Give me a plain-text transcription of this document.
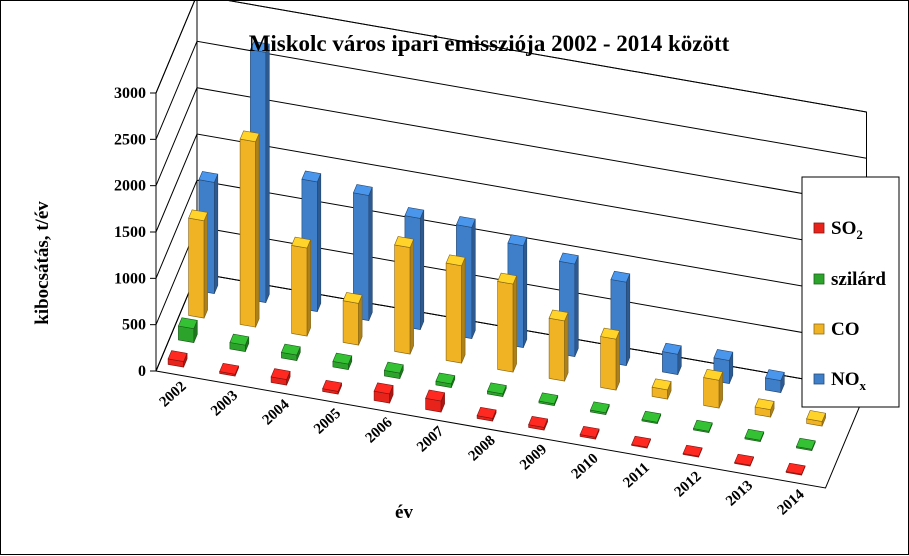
0
500
1000
1500
2000
2500
3000
2002 2003 2004 2005 2006 2007 2008 2009 2010 2011 2012 2013 2014
Miskolc város ipari emissziója 2002 - 2014 között
kibocsátás, t/év
év
$SO_2$
szilárd
CO
$NO_x$
